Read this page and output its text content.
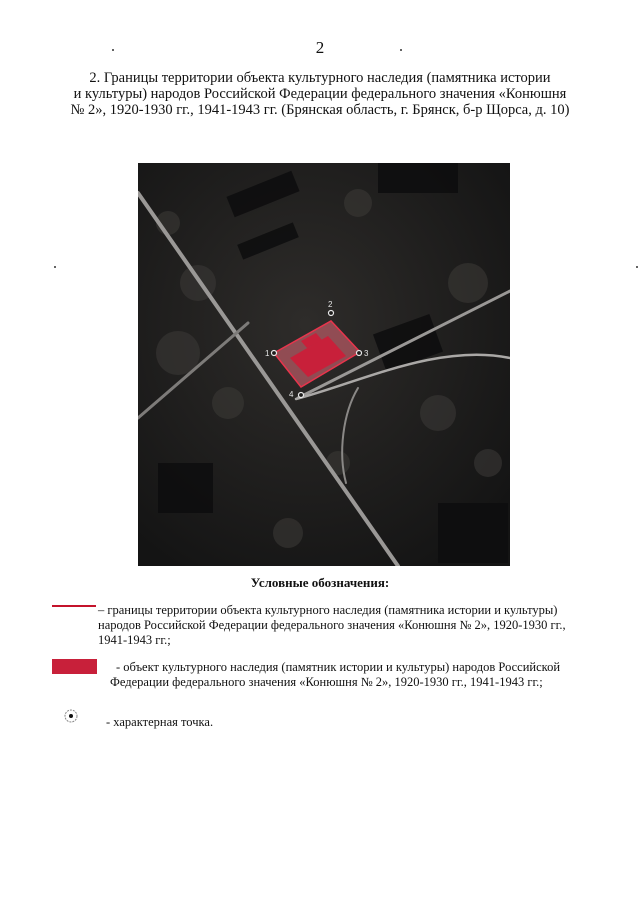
2
2. Границы территории объекта культурного наследия (памятника истории
и культуры) народов Российской Федерации федерального значения «Конюшня
№ 2», 1920-1930 гг., 1941-1943 гг. (Брянская область, г. Брянск, б-р Щорса, д. 10)
1
2
3
4
Условные обозначения:
– границы территории объекта культурного наследия (памятника истории и культуры)
народов Российской Федерации федерального значения «Конюшня № 2», 1920-1930 гг.,
1941-1943 гг.;
- объект культурного наследия (памятник истории и культуры) народов Российской
Федерации федерального значения «Конюшня № 2», 1920-1930 гг., 1941-1943 гг.;
- характерная точка.
